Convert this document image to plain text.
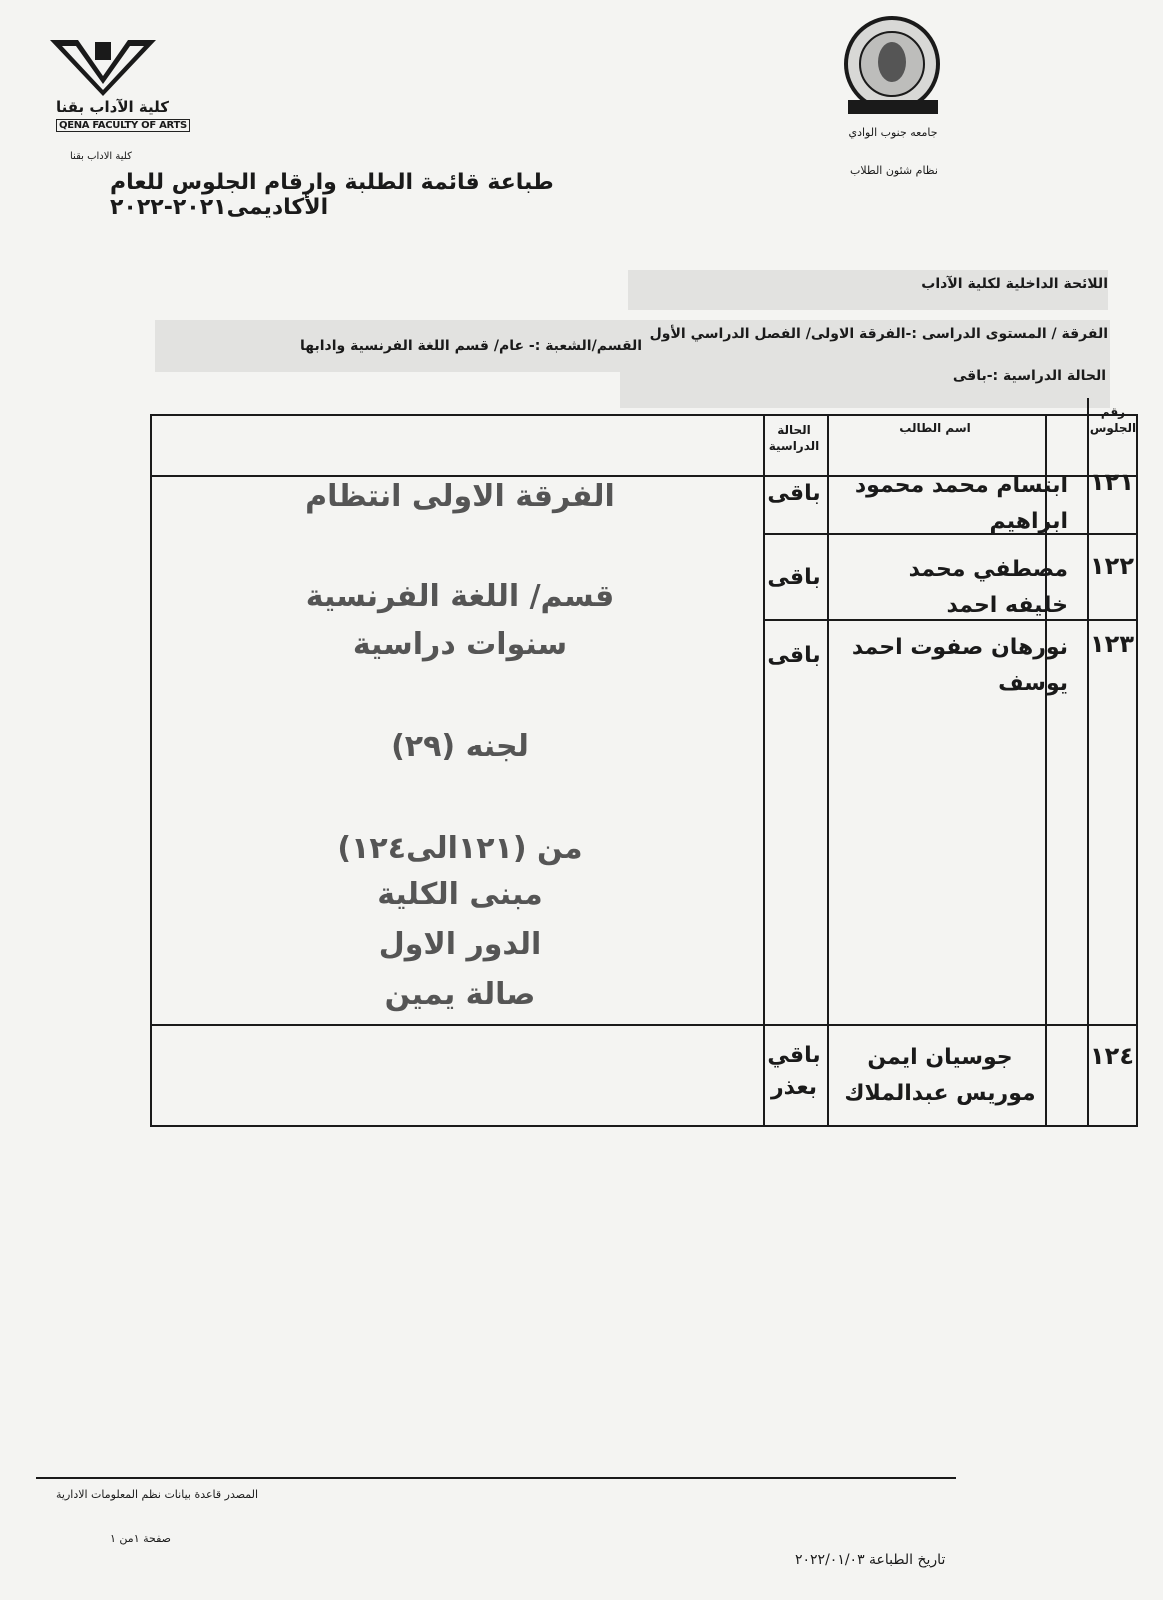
كلية الآداب بقنا
QENA FACULTY OF ARTS
كلية الاداب بقنا
جامعه جنوب الوادي
نظام شئون الطلاب
طباعة قائمة الطلبة وارقام الجلوس للعام الأكاديمى٢٠٢١-٢٠٢٢
اللائحة الداخلية لكلية الآداب
الفرقة / المستوى الدراسى :-الفرقة الاولى/ الفصل الدراسي الأول
القسم/الشعبة :- عام/ قسم اللغة الفرنسية وادابها
الحالة الدراسية :-باقى
رقم الجلوس
اسم الطالب
الحالة الدراسية
١٢١
ابتسام محمد محمود ابراهيم
باقى
١٢٢
مصطفي محمد خليفه احمد
باقى
١٢٣
نورهان صفوت احمد يوسف
باقى
١٢٤
جوسيان ايمن موريس عبدالملاك
باقي بعذر
الفرقة الاولى انتظام
قسم/ اللغة الفرنسية
سنوات دراسية
لجنه (٢٩)
من (١٢١الى١٢٤)
مبنى الكلية
الدور الاول
صالة يمين
المصدر قاعدة بيانات نظم المعلومات الادارية
صفحة ١من ١
تاريخ الطباعة ٢٠٢٢/٠١/٠٣
